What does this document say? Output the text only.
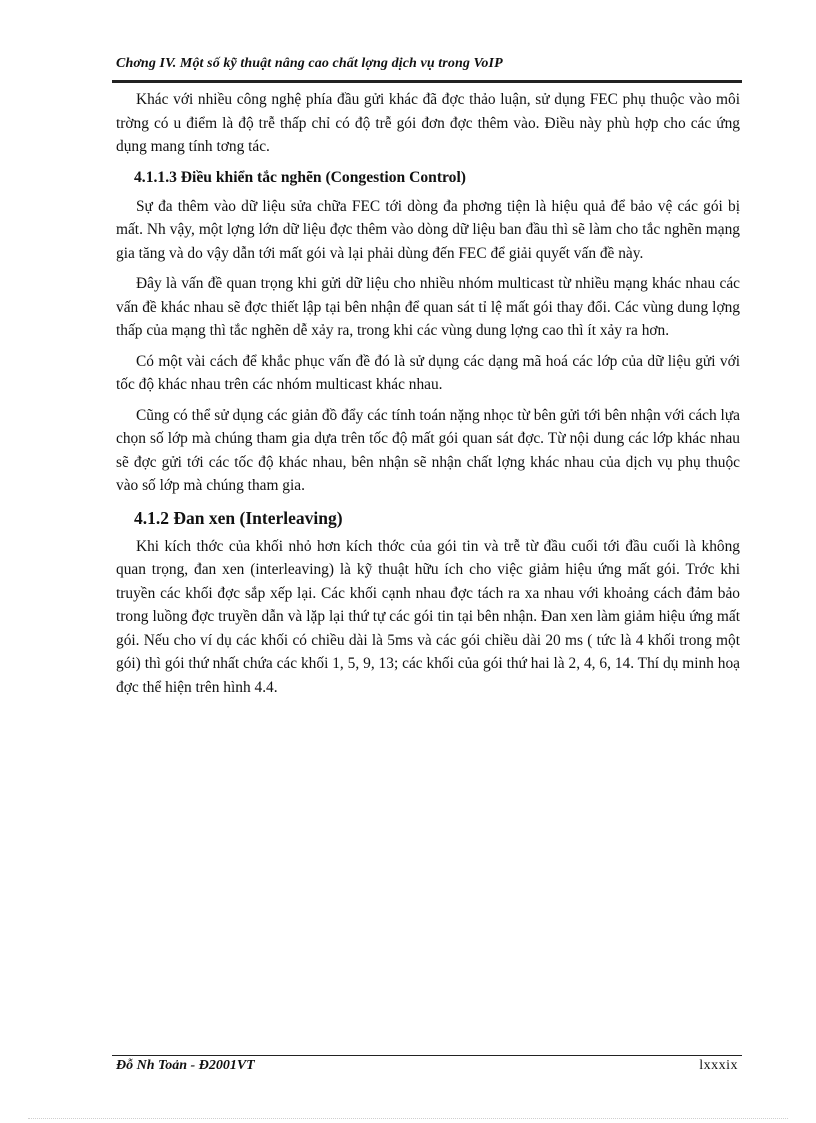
Chơng IV. Một số kỹ thuật nâng cao chất lợng dịch vụ trong VoIP

Khác với nhiều công nghệ phía đầu gửi khác đã đợc thảo luận, sử dụng FEC phụ thuộc vào môi trờng có u điểm là độ trễ thấp chỉ có độ trễ gói đơn đợc thêm vào. Điều này phù hợp cho các ứng dụng mang tính tơng tác.

4.1.1.3 Điều khiển tắc nghẽn (Congestion Control)

Sự đa thêm vào dữ liệu sửa chữa FEC tới dòng đa phơng tiện là hiệu quả để bảo vệ các gói bị mất. Nh vậy, một lợng lớn dữ liệu đợc thêm vào dòng dữ liệu ban đầu thì sẽ làm cho tắc nghẽn mạng gia tăng và do vậy dẫn tới mất gói và lại phải dùng đến FEC để giải quyết vấn đề này.

Đây là vấn đề quan trọng khi gửi dữ liệu cho nhiều nhóm multicast từ nhiều mạng khác nhau các vấn đề khác nhau sẽ đợc thiết lập tại bên nhận để quan sát tỉ lệ mất gói thay đổi. Các vùng dung lợng thấp của mạng thì tắc nghẽn dễ xảy ra, trong khi các vùng dung lợng cao thì ít xảy ra hơn.

Có một vài cách để khắc phục vấn đề đó là sử dụng các dạng mã hoá các lớp của dữ liệu gửi với tốc độ khác nhau trên các nhóm multicast khác nhau.

Cũng có thể sử dụng các giản đồ đẩy các tính toán nặng nhọc từ bên gửi tới bên nhận với cách lựa chọn số lớp mà chúng tham gia dựa trên tốc độ mất gói quan sát đợc. Từ nội dung các lớp khác nhau sẽ đợc gửi tới các tốc độ khác nhau, bên nhận sẽ nhận chất lợng khác nhau của dịch vụ phụ thuộc vào số lớp mà chúng tham gia.

4.1.2 Đan xen (Interleaving)

Khi kích thớc của khối nhỏ hơn kích thớc của gói tin và trễ từ đầu cuối tới đầu cuối là không quan trọng, đan xen (interleaving) là kỹ thuật hữu ích cho việc giảm hiệu ứng mất gói. Trớc khi truyền các khối đợc sắp xếp lại. Các khối cạnh nhau đợc tách ra xa nhau với khoảng cách đảm bảo trong luồng đợc truyền dẫn và lặp lại thứ tự các gói tin tại bên nhận. Đan xen làm giảm hiệu ứng mất gói. Nếu cho ví dụ các khối có chiều dài là 5ms và các gói chiều dài 20 ms ( tức là 4 khối trong một gói) thì gói thứ nhất chứa các khối 1, 5, 9, 13; các khối của gói thứ hai là 2, 4, 6, 14. Thí dụ minh hoạ đợc thể hiện trên hình 4.4.

Đỗ Nh Toản - Đ2001VT	lxxxix
